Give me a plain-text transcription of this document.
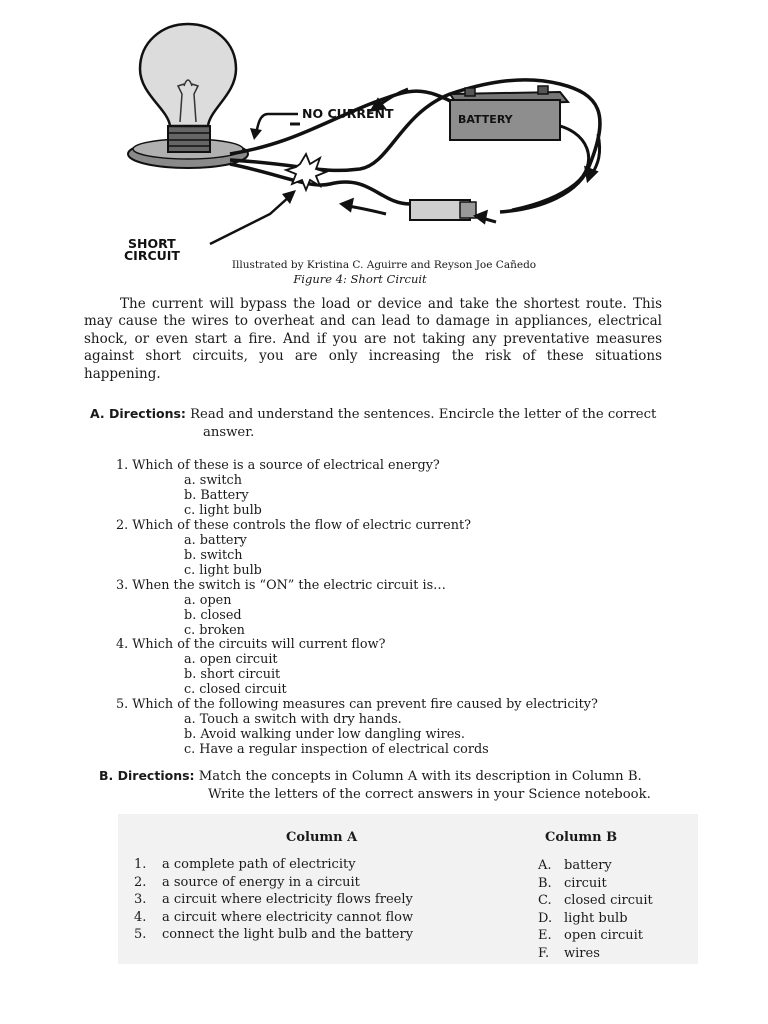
BATTERY
NO CURRENT
SHORT
CIRCUIT
Illustrated by Kristina C. Aguirre and Reyson Joe Cañedo
Figure 4: Short Circuit

The current will bypass the load or device and take the shortest route. This may cause the wires to overheat and can lead to damage in appliances, electrical shock, or even start a fire. And if you are not taking any preventative measures against short circuits, you are only increasing the risk of these situations happening.

A. Directions: Read and understand the sentences. Encircle the letter of the correct
answer.
1. Which of these is a source of electrical energy?
a. switch
b. Battery
c. light bulb
2. Which of these controls the flow of electric current?
a. battery
b. switch
c. light bulb
3. When the switch is “ON” the electric circuit is…
a. open
b. closed
c. broken
4. Which of the circuits will current flow?
a. open circuit
b. short circuit
c. closed circuit
5. Which of the following measures can prevent fire caused by electricity?
a. Touch a switch with dry hands.
b. Avoid walking under low dangling wires.
c. Have a regular inspection of electrical cords
B. Directions: Match the concepts in Column A with its description in Column B.
Write the letters of the correct answers in your Science notebook.
Column A	Column B
1. a complete path of electricity
2. a source of energy in a circuit
3. a circuit where electricity flows freely
4. a circuit where electricity cannot flow
5. connect the light bulb and the battery
A. battery
B. circuit
C. closed circuit
D. light bulb
E. open circuit
F. wires
